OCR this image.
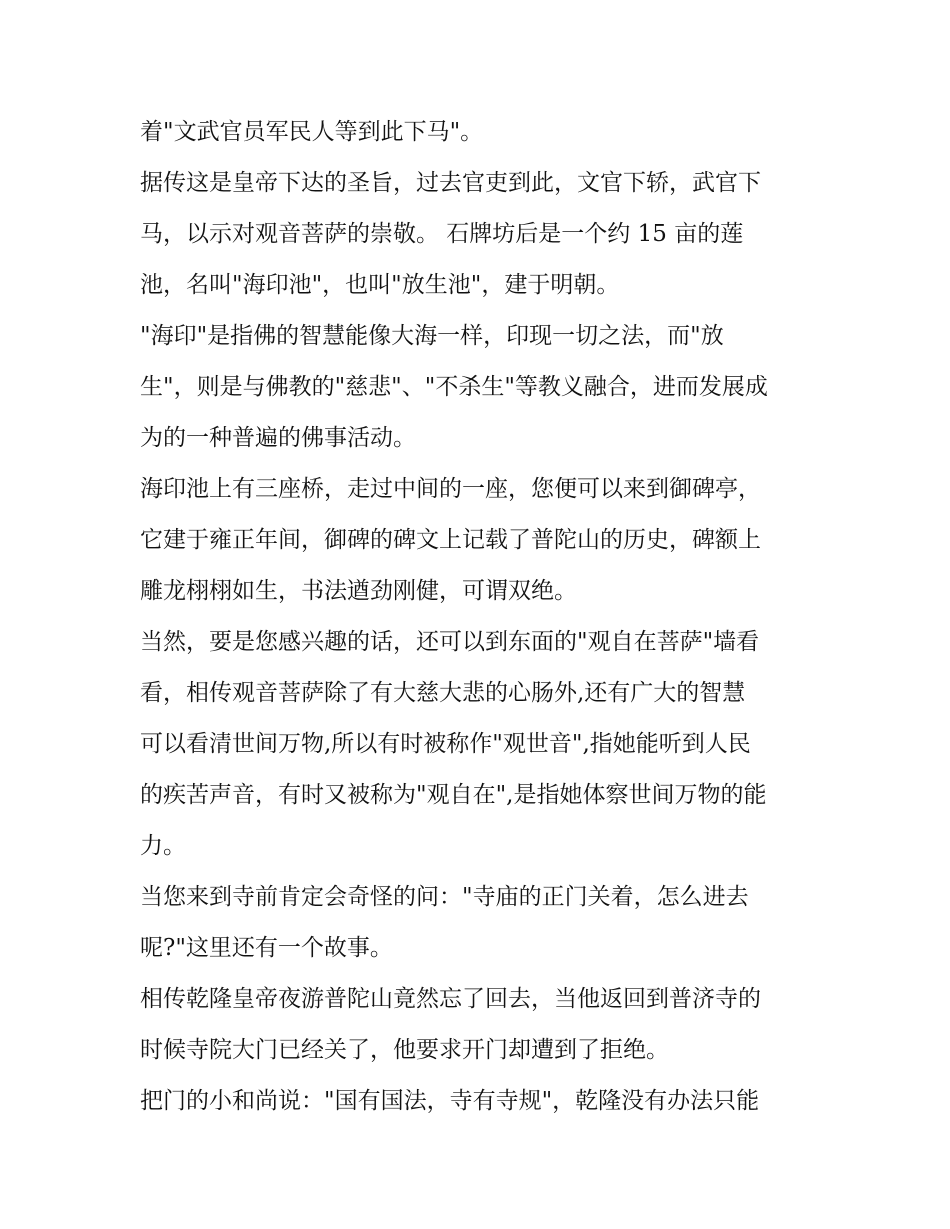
着"文武官员军民人等到此下马"。
据传这是皇帝下达的圣旨，过去官吏到此，文官下轿，武官下
马，以示对观音菩萨的崇敬。 石牌坊后是一个约 15 亩的莲
池，名叫"海印池"，也叫"放生池"，建于明朝。
"海印"是指佛的智慧能像大海一样，印现一切之法，而"放
生"，则是与佛教的"慈悲"、"不杀生"等教义融合，进而发展成
为的一种普遍的佛事活动。
海印池上有三座桥，走过中间的一座，您便可以来到御碑亭，
它建于雍正年间，御碑的碑文上记载了普陀山的历史，碑额上
雕龙栩栩如生，书法遒劲刚健，可谓双绝。
当然，要是您感兴趣的话，还可以到东面的"观自在菩萨"墙看
看，相传观音菩萨除了有大慈大悲的心肠外,还有广大的智慧
可以看清世间万物,所以有时被称作"观世音",指她能听到人民
的疾苦声音，有时又被称为"观自在",是指她体察世间万物的能
力。
当您来到寺前肯定会奇怪的问："寺庙的正门关着，怎么进去
呢?"这里还有一个故事。
相传乾隆皇帝夜游普陀山竟然忘了回去，当他返回到普济寺的
时候寺院大门已经关了，他要求开门却遭到了拒绝。
把门的小和尚说："国有国法，寺有寺规"，乾隆没有办法只能
